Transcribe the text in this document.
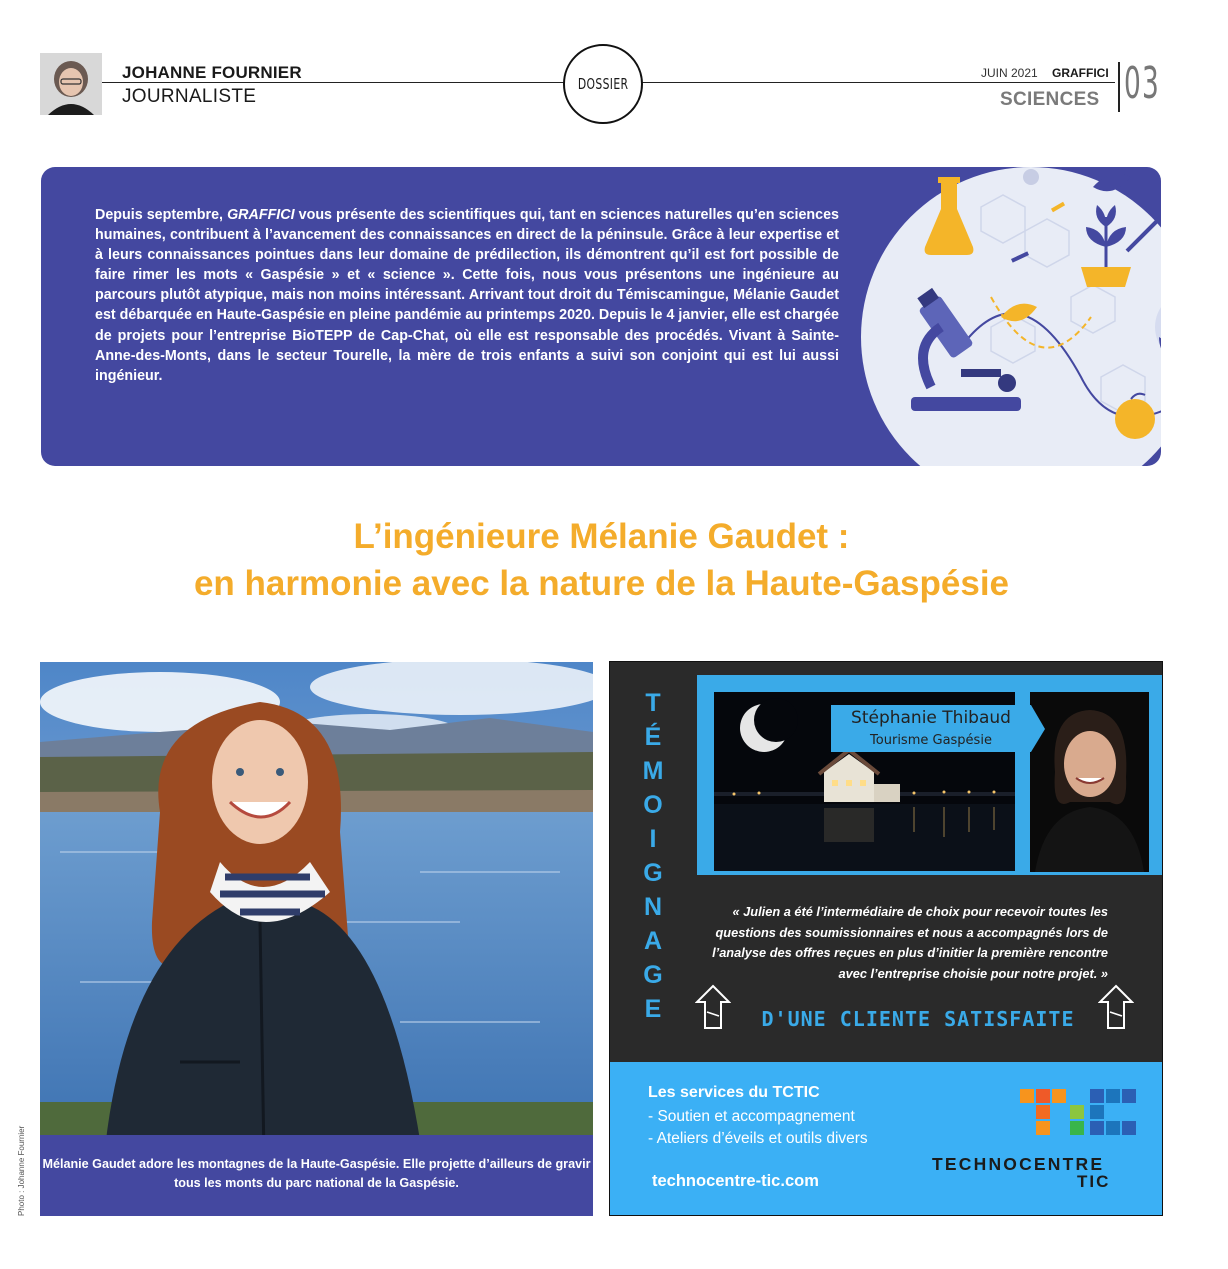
JOHANNE FOURNIER
JOURNALISTE
DOSSIER
JUIN 2021 GRAFFICI
SCIENCES 03

Depuis septembre, GRAFFICI vous présente des scientifiques qui, tant en sciences naturelles qu’en sciences humaines, contribuent à l’avancement des connaissances en direct de la péninsule. Grâce à leur expertise et à leurs connaissances pointues dans leur domaine de prédilection, ils démontrent qu’il est fort possible de faire rimer les mots « Gaspésie » et « science ». Cette fois, nous vous présentons une ingénieure au parcours plutôt atypique, mais non moins intéressant. Arrivant tout droit du Témiscamingue, Mélanie Gaudet est débarquée en Haute-Gaspésie en pleine pandémie au printemps 2020. Depuis le 4 janvier, elle est chargée de projets pour l’entreprise BioTEPP de Cap-Chat, où elle est responsable des procédés. Vivant à Sainte-Anne-des-Monts, dans le secteur Tourelle, la mère de trois enfants a suivi son conjoint qui est lui aussi ingénieur.

L’ingénieure Mélanie Gaudet :
en harmonie avec la nature de la Haute-Gaspésie
Mélanie Gaudet adore les montagnes de la Haute-Gaspésie. Elle projette d’ailleurs de gravir tous les monts du parc national de la Gaspésie.
Photo : Johanne Fournier
T
É
M
O
I
G
N
A
G
E
Stéphanie Thibaud
Tourisme Gaspésie

« Julien a été l’intermédiaire de choix pour recevoir toutes les questions des soumissionnaires et nous a accompagnés lors de l’analyse des offres reçues en plus d’initier la première rencontre avec l’entreprise choisie pour notre projet. »

D'UNE CLIENTE SATISFAITE
Les services du TCTIC
- Soutien et accompagnement
- Ateliers d’éveils et outils divers
technocentre-tic.com
TECHNOCENTRE
TIC
